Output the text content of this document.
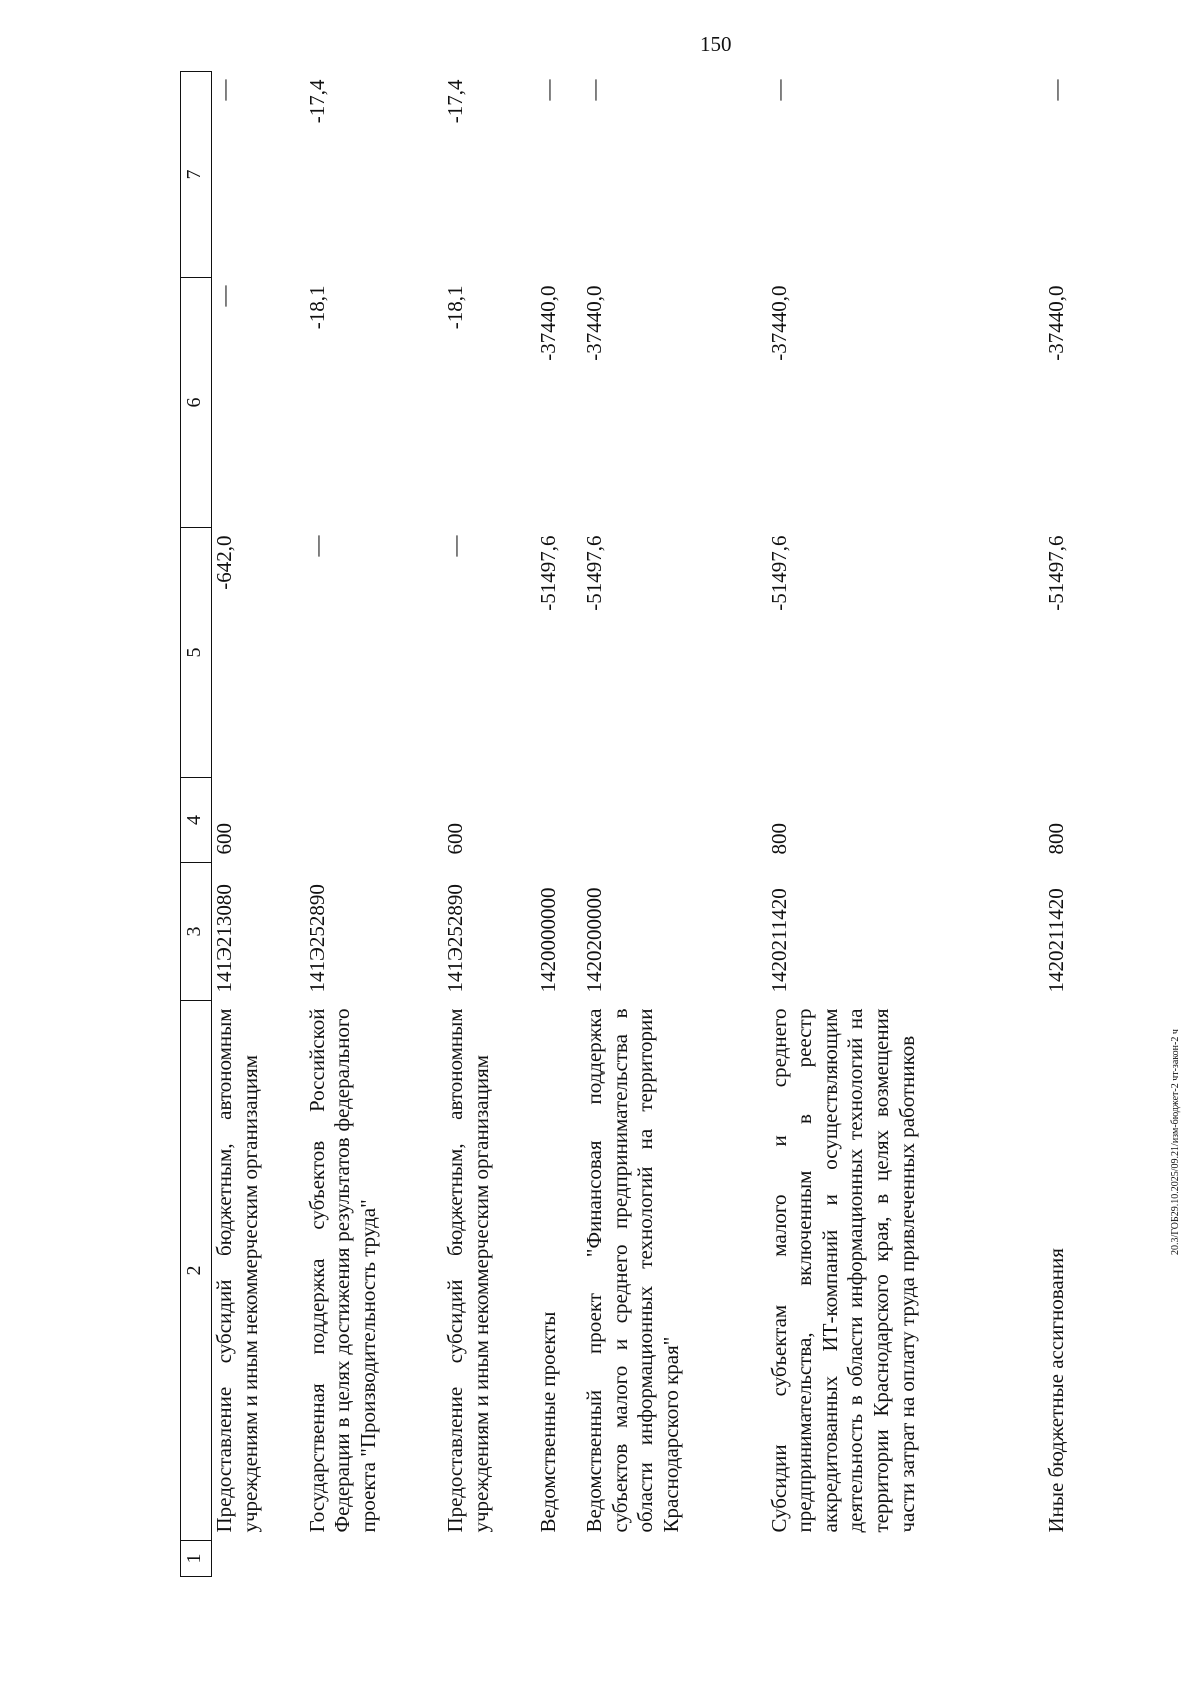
150
20.3/ГОБ29.10.2025/09.21/изм-бюджет-2 чт-закон-2 ч
1	2	3	4	5	6	7
	Предоставление субсидий бюджетным, автономным учреждениям и иным некоммерческим организациям	141Э213080	600	-642,0	—	—
	Государственная поддержка субъектов Российской Федерации в целях достижения результатов федерального проекта "Производительность труда"	141Э252890		—	-18,1	-17,4
	Предоставление субсидий бюджетным, автономным учреждениям и иным некоммерческим организациям	141Э252890	600	—	-18,1	-17,4
	Ведомственные проекты	1420000000		-51497,6	-37440,0	—
	Ведомственный проект "Финансовая поддержка субъектов малого и среднего предпринимательства в области информационных технологий на территории Краснодарского края"	1420200000		-51497,6	-37440,0	—
	Субсидии субъектам малого и среднего предпринимательства, включенным в реестр аккредитованных ИТ-компаний и осуществляющим деятельность в области информационных технологий на территории Краснодарского края, в целях возмещения части затрат на оплату труда привлеченных работников	1420211420	800	-51497,6	-37440,0	—
	Иные бюджетные ассигнования	1420211420	800	-51497,6	-37440,0	—
